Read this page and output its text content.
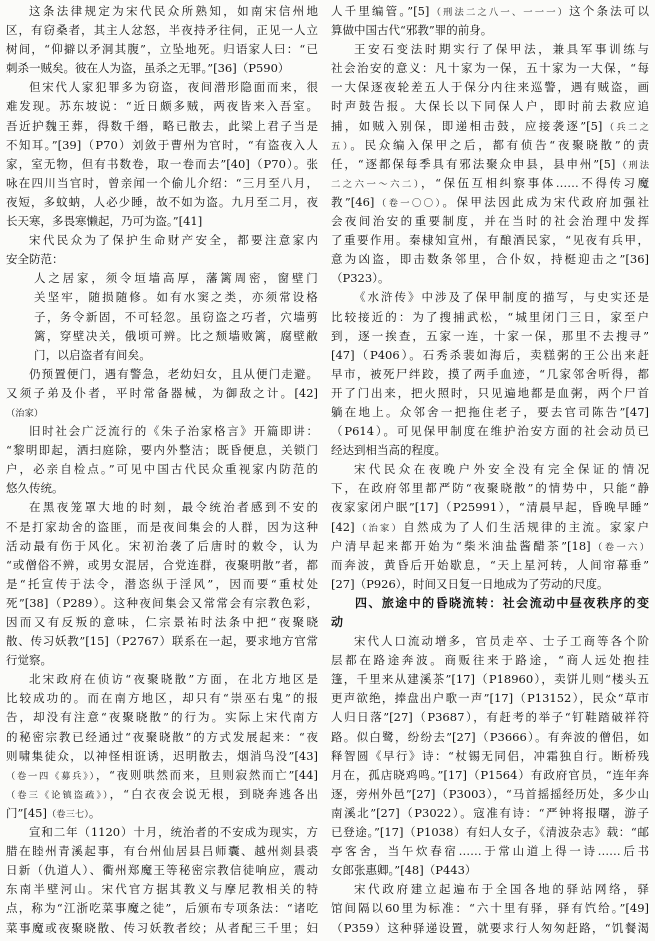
这条法律规定为宋代民众所熟知，如南宋信州地
区，有窃桑者，其主人忿怒，半夜持矛往伺，正见一人立
树间，“仰擗以矛洞其腹”，立坠地死。归语家人曰：“已
刺杀一贼矣。彼在人为盗，虽杀之无罪。”[36]（P590）
但宋代人家犯罪多为窃盗，夜间潜形隐面而来，很
难发现。苏东坡说：“近日颇多贼，两夜皆来入吾室。
吾近护魏王葬，得数千缗，略已散去，此梁上君子当是
不知耳。”[39]（P70）刘敛于曹州为官时，“有盗夜入人
家，室无物，但有书数卷，取一卷而去”[40]（P70）。张
咏在四川当官时，曾亲闻一个偷儿介绍：“三月至八月，
夜短，多蚊蚋，人必少睡，故不如为盗。九月至二月，夜
长天寒，多畏寒懒起，乃可为盗。”[41]
宋代民众为了保护生命财产安全，都要注意家内
安全防范：
人之居家，须令垣墙高厚，藩篱周密，窗壁门
关坚牢，随损随修。如有水窦之类，亦须常设格
子，务令新固，不可轻忽。虽窃盗之巧者，穴墙剪
篱，穿壁决关，俄顷可辨。比之颓墙败篱，腐壁敝
门，以启盗者有间矣。
仍预置便门，遇有警急，老幼妇女，且从便门走避。
又须子弟及仆者，平时常备器械，为御敌之计。[42]
（治家）
旧时社会广泛流行的《朱子治家格言》开篇即讲：
“黎明即起，洒扫庭除，要内外整洁；既昏便息，关锁门
户，必亲自检点。”可见中国古代民众重视家内防范的
悠久传统。
在黑夜笼罩大地的时刻，最令统治者感到不安的
不是打家劫舍的盗匪，而是夜间集会的人群，因为这种
活动最有伤于风化。宋初治袭了后唐时的敕令，认为
“或僧俗不辨，或男女混居，合党连群，夜聚明散”者，都
是“托宣传于法令，潜恣纵于淫风”，因而要“重杖处
死”[38]（P289）。这种夜间集会又常常会有宗教色彩，
因而又有反叛的意味，仁宗景祐时法条中把“夜聚晓
散、传习妖教”[15]（P2767）联系在一起，要求地方官常
行觉察。
北宋政府在侦访“夜聚晓散”方面，在北方地区是
比较成功的。而在南方地区，却只有“崇巫右鬼”的报
告，却没有注意“夜聚晓散”的行为。实际上宋代南方
的秘密宗教已经通过“夜聚晓散”的方式发展起来：“夜
则啸集徒众，以神怪相诳诱，迟明散去，烟消鸟没”[43]
（卷一四《募兵》），“夜则哄然而来，旦则寂然而亡”[44]
（卷三《论镇盗疏》），“白衣夜会说无根，到晓奔逃各出
门”[45]（卷三七）。
宣和二年（1120）十月，统治者的不安成为现实，方
腊在睦州青溪起事，有台州仙居县吕师囊、越州剡县裘
日新（仇道人）、衢州郑魔王等秘密宗教信徒响应，震动
东南半壁河山。宋代官方据其教义与摩尼教相关的特
点，称为“江浙吃菜事魔之徒”，后颁布专项条法：“诸吃
菜事魔或夜聚晓散、传习妖教者绞；从者配三千里；妇
人千里编管。”[5]（刑法二之八一、一一一）这个条法可以
算做中国古代“邪教”罪的前身。
王安石变法时期实行了保甲法，兼具军事训练与
社会治安的意义：凡十家为一保，五十家为一大保，“每
一大保逐夜轮差五人于保分内往来巡警，遇有贼盗，画
时声鼓告报。大保长以下同保人户，即时前去救应追
捕，如贼入别保，即递相击鼓，应接袭逐”[5]（兵二之
五）。民众编入保甲之后，都有侦告“夜聚晓散”的责
任，“逐都保每季具有邪法聚众申县，县申州”[5]（刑法
二之六一～六二），“保伍互相纠察事体……不得传习魔
教”[46]（卷一〇〇）。保甲法因此成为宋代政府加强社
会夜间治安的重要制度，并在当时的社会治理中发挥
了重要作用。秦棣知宣州，有酿酒民家，“见夜有兵甲，
意为凶盗，即击数条邻里，合仆奴，持梃迎击之”[36]
（P323）。
《水浒传》中涉及了保甲制度的描写，与史实还是
比较接近的：为了搜捕武松，“城里闭门三日，家至户
到，逐一挨查，五家一连，十家一保，那里不去搜寻”
[47]（P406）。石秀杀裴如海后，卖糕粥的王公出来赶
早市，被死尸绊跤，摸了两手血迹，“几家邻舍听得，都
开了门出来，把火照时，只见遍地都是血粥，两个尸首
躺在地上。众邻舍一把拖住老子，要去官司陈告”[47]
（P614）。可见保甲制度在维护治安方面的社会动员已
经达到相当高的程度。
宋代民众在夜晚户外安全没有完全保证的情况
下，在政府邻里都严防“夜聚晓散”的情势中，只能“静
夜家家闭户眠”[17]（P25991），“清晨早起，昏晚早睡”
[42]（治家）自然成为了人们生活规律的主流。家家户
户清早起来都开始为“柴米油盐酱醋茶”[18]（卷一六）
而奔波，黄昏后开始歇息，“天上星河转，人间帘幕垂”
[27]（P926），时间又日复一日地成为了劳动的尺度。
四、旅途中的昏晓流转：社会流动中昼夜秩序的变
动
宋代人口流动增多，官员走卒、士子工商等各个阶
层都在路途奔波。商贩往来于路途，“商人远处抱挂
篷，千里来从建溪茶”[17]（P18960），卖饼儿则“楼头五
更声欲绝，捧盘出户歌一声”[17]（P13152），民众“草市
人归日落”[27]（P3687），有赶考的举子“钉鞋踏破祥符
路。似白鹭，纷纷去”[27]（P3666）。有奔波的僧侣，如
释智圆《早行》诗：“杖锡无同侣，冲霜独自行。断桥残
月在，孤店晓鸡鸣。”[17]（P1564）有政府官员，“连年奔
逐，旁州外邑”[27]（P3003），“马首摇摇经历处，多少山
南溪北”[27]（P3022）。寇准有诗：“严钟将报曙，游子
已登途。”[17]（P1038）有妇人女子，《清波杂志》载：“邮
亭客舍，当午炊春宿……于常山道上得一诗……后书
女郎张惠卿。”[48]（P443）
宋代政府建立起遍布于全国各地的驿站网络，驿
馆间隔以60里为标准：“六十里有驿，驿有饩给。”[49]
（P359）这种驿递设置，就要求行人匆匆赶路，“饥餐渴
